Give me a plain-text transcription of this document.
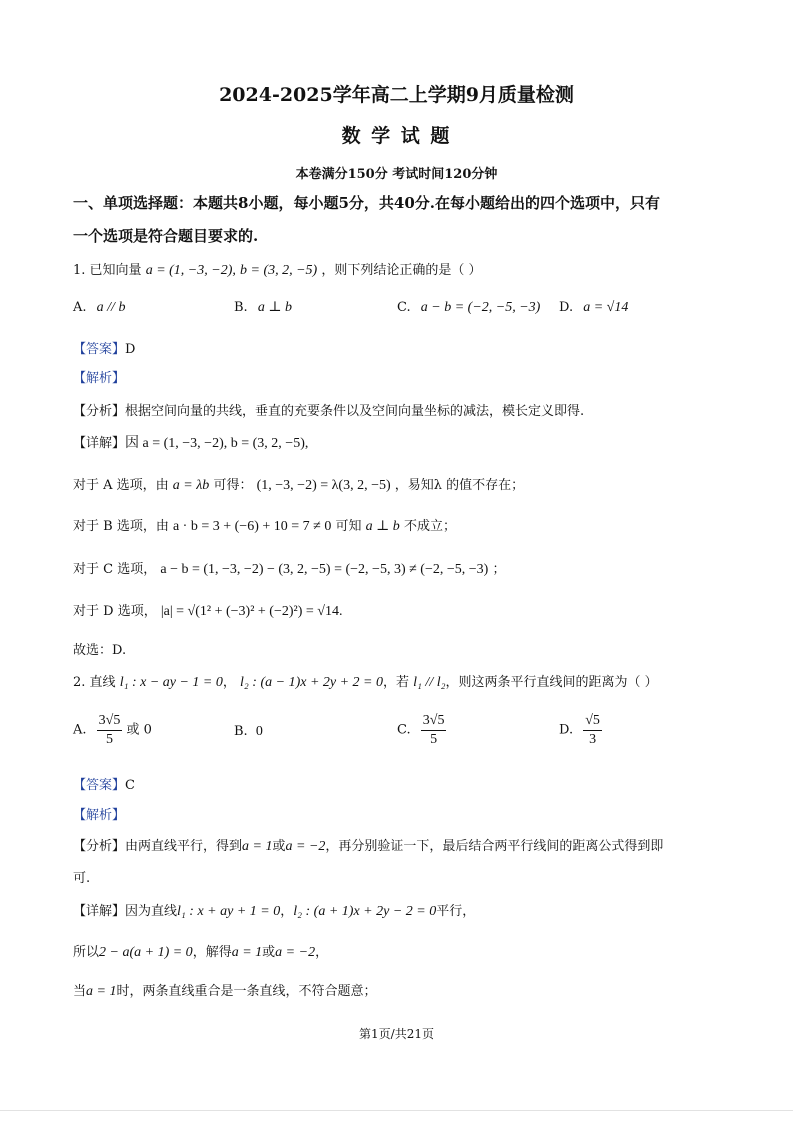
2024-2025学年高二上学期9月质量检测
数 学 试 题
本卷满分150分 考试时间120分钟
一、单项选择题：本题共8小题，每小题5分，共40分.在每小题给出的四个选项中，只有
一个选项是符合题目要求的.
1. 已知向量 a = (1, −3, −2), b = (3, 2, −5) ，则下列结论正确的是（ ）
A. a // b	B. a ⊥ b	C. a − b = (−2, −5, −3) D. a = √14
【答案】D
【解析】
【分析】根据空间向量的共线，垂直的充要条件以及空间向量坐标的减法，模长定义即得.
【详解】因 a = (1, −3, −2), b = (3, 2, −5),
对于 A 选项，由 a = λb 可得： (1, −3, −2) = λ(3, 2, −5) ，易知λ 的值不存在；
对于 B 选项，由 a · b = 3 + (−6) + 10 = 7 ≠ 0 可知 a ⊥ b 不成立；
对于 C 选项， a − b = (1, −3, −2) − (3, 2, −5) = (−2, −5, 3) ≠ (−2, −5, −3) ；
对于 D 选项， |a| = √(1² + (−3)² + (−2)²) = √14.
故选：D.
2. 直线 l₁ : x − ay − 1 = 0， l₂ : (a − 1)x + 2y + 2 = 0，若 l₁ // l₂，则这两条平行直线间的距离为（ ）
A. $\frac{3√5}{5}$ 或 0	B. 0	C. $\frac{3√5}{5}$	D. $\frac{√5}{3}$
【答案】C
【解析】
【分析】由两直线平行，得到a = 1或a = −2，再分别验证一下，最后结合两平行线间的距离公式得到即
可.
【详解】因为直线l₁ : x + ay + 1 = 0，l₂ : (a + 1)x + 2y − 2 = 0平行，
所以2 − a(a + 1) = 0，解得a = 1或a = −2，
当a = 1时，两条直线重合是一条直线，不符合题意；
第1页/共21页
